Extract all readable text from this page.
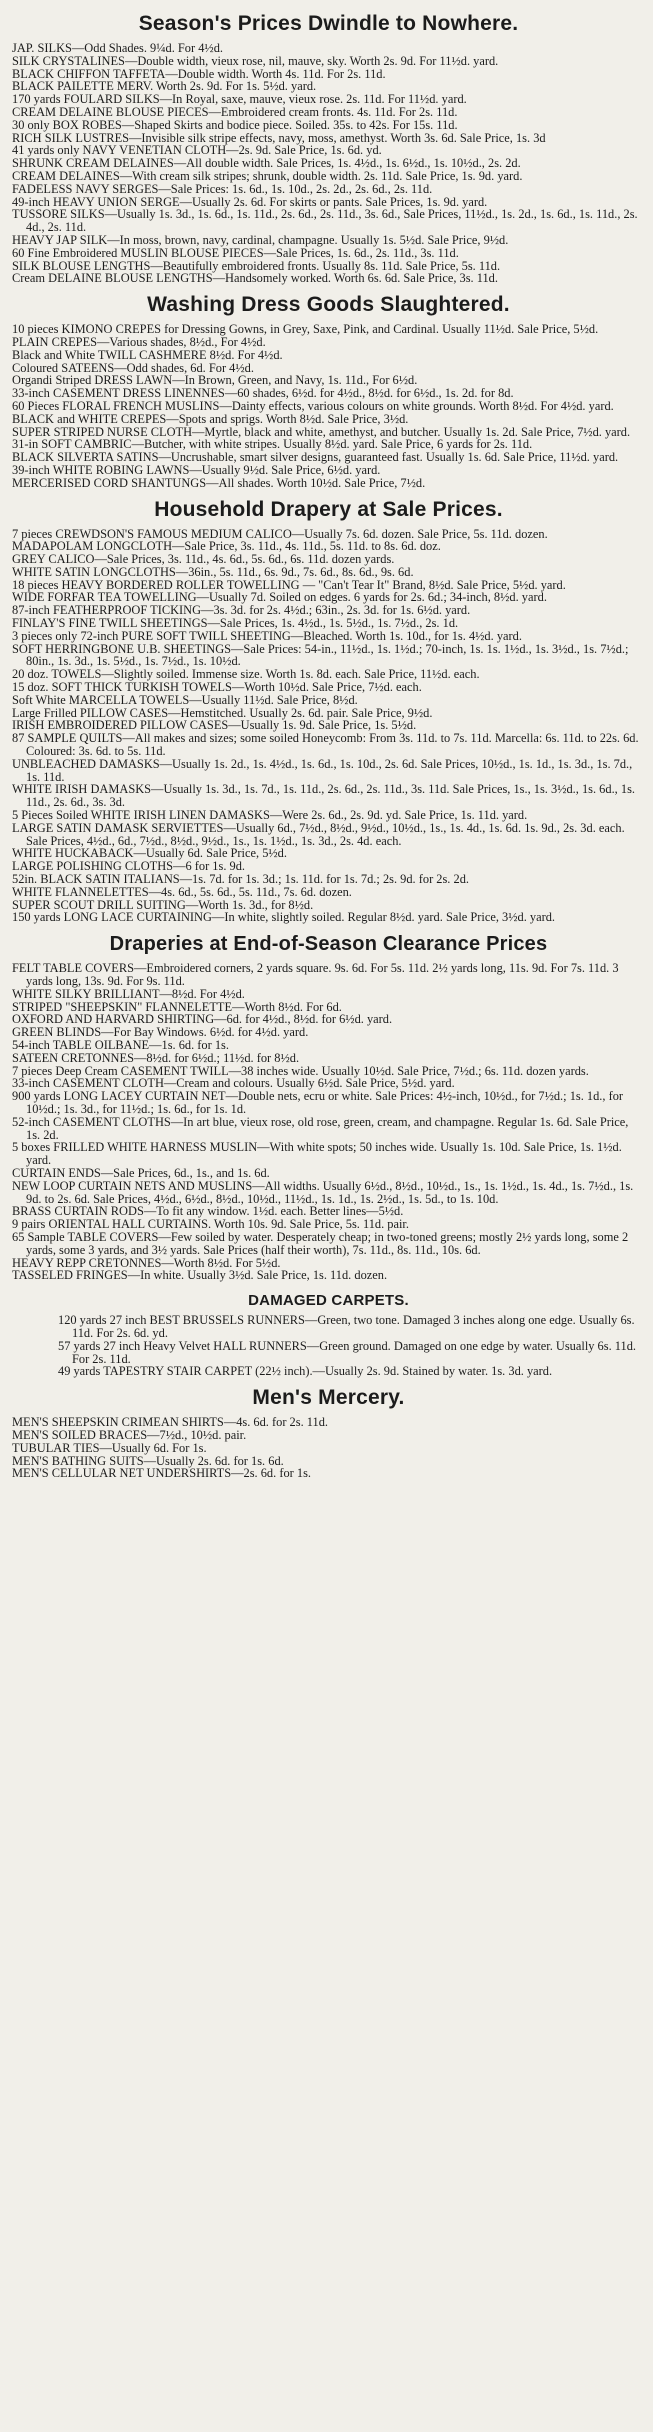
Season's Prices Dwindle to Nowhere.

JAP. SILKS—Odd Shades. 9¼d. For 4½d.

SILK CRYSTALINES—Double width, vieux rose, nil, mauve, sky. Worth 2s. 9d. For 11½d. yard.

BLACK CHIFFON TAFFETA—Double width. Worth 4s. 11d. For 2s. 11d.

BLACK PAILETTE MERV. Worth 2s. 9d. For 1s. 5½d. yard.

170 yards FOULARD SILKS—In Royal, saxe, mauve, vieux rose. 2s. 11d. For 11½d. yard.

CREAM DELAINE BLOUSE PIECES—Embroidered cream fronts. 4s. 11d. For 2s. 11d.

30 only BOX ROBES—Shaped Skirts and bodice piece. Soiled. 35s. to 42s. For 15s. 11d.

RICH SILK LUSTRES—Invisible silk stripe effects, navy, moss, amethyst. Worth 3s. 6d. Sale Price, 1s. 3d

41 yards only NAVY VENETIAN CLOTH—2s. 9d. Sale Price, 1s. 6d. yd.

SHRUNK CREAM DELAINES—All double width. Sale Prices, 1s. 4½d., 1s. 6½d., 1s. 10½d., 2s. 2d.

CREAM DELAINES—With cream silk stripes; shrunk, double width. 2s. 11d. Sale Price, 1s. 9d. yard.

FADELESS NAVY SERGES—Sale Prices: 1s. 6d., 1s. 10d., 2s. 2d., 2s. 6d., 2s. 11d.

49-inch HEAVY UNION SERGE—Usually 2s. 6d. For skirts or pants. Sale Prices, 1s. 9d. yard.

TUSSORE SILKS—Usually 1s. 3d., 1s. 6d., 1s. 11d., 2s. 6d., 2s. 11d., 3s. 6d., Sale Prices, 11½d., 1s. 2d., 1s. 6d., 1s. 11d., 2s. 4d., 2s. 11d.

HEAVY JAP SILK—In moss, brown, navy, cardinal, champagne. Usually 1s. 5½d. Sale Price, 9½d.

60 Fine Embroidered MUSLIN BLOUSE PIECES—Sale Prices, 1s. 6d., 2s. 11d., 3s. 11d.

SILK BLOUSE LENGTHS—Beautifully embroidered fronts. Usually 8s. 11d. Sale Price, 5s. 11d.

Cream DELAINE BLOUSE LENGTHS—Handsomely worked. Worth 6s. 6d. Sale Price, 3s. 11d.

Washing Dress Goods Slaughtered.

10 pieces KIMONO CREPES for Dressing Gowns, in Grey, Saxe, Pink, and Cardinal. Usually 11½d. Sale Price, 5½d.

PLAIN CREPES—Various shades, 8½d., For 4½d.

Black and White TWILL CASHMERE 8½d. For 4½d.

Coloured SATEENS—Odd shades, 6d. For 4½d.

Organdi Striped DRESS LAWN—In Brown, Green, and Navy, 1s. 11d., For 6½d.

33-inch CASEMENT DRESS LINENNES—60 shades, 6½d. for 4½d., 8½d. for 6½d., 1s. 2d. for 8d.

60 Pieces FLORAL FRENCH MUSLINS—Dainty effects, various colours on white grounds. Worth 8½d. For 4½d. yard.

BLACK and WHITE CREPES—Spots and sprigs. Worth 8½d. Sale Price, 3½d.

SUPER STRIPED NURSE CLOTH—Myrtle, black and white, amethyst, and butcher. Usually 1s. 2d. Sale Price, 7½d. yard.

31-in SOFT CAMBRIC—Butcher, with white stripes. Usually 8½d. yard. Sale Price, 6 yards for 2s. 11d.

BLACK SILVERTA SATINS—Uncrushable, smart silver designs, guaranteed fast. Usually 1s. 6d. Sale Price, 11½d. yard.

39-inch WHITE ROBING LAWNS—Usually 9½d. Sale Price, 6½d. yard.

MERCERISED CORD SHANTUNGS—All shades. Worth 10½d. Sale Price, 7½d.

Household Drapery at Sale Prices.

7 pieces CREWDSON'S FAMOUS MEDIUM CALICO—Usually 7s. 6d. dozen. Sale Price, 5s. 11d. dozen.

MADAPOLAM LONGCLOTH—Sale Price, 3s. 11d., 4s. 11d., 5s. 11d. to 8s. 6d. doz.

GREY CALICO—Sale Prices, 3s. 11d., 4s. 6d., 5s. 6d., 6s. 11d. dozen yards.

WHITE SATIN LONGCLOTHS—36in., 5s. 11d., 6s. 9d., 7s. 6d., 8s. 6d., 9s. 6d.

18 pieces HEAVY BORDERED ROLLER TOWELLING — "Can't Tear It" Brand, 8½d. Sale Price, 5½d. yard.

WIDE FORFAR TEA TOWELLING—Usually 7d. Soiled on edges. 6 yards for 2s. 6d.; 34-inch, 8½d. yard.

87-inch FEATHERPROOF TICKING—3s. 3d. for 2s. 4½d.; 63in., 2s. 3d. for 1s. 6½d. yard.

FINLAY'S FINE TWILL SHEETINGS—Sale Prices, 1s. 4½d., 1s. 5½d., 1s. 7½d., 2s. 1d.

3 pieces only 72-inch PURE SOFT TWILL SHEETING—Bleached. Worth 1s. 10d., for 1s. 4½d. yard.

SOFT HERRINGBONE U.B. SHEETINGS—Sale Prices: 54-in., 11½d., 1s. 1½d.; 70-inch, 1s. 1s. 1½d., 1s. 3½d., 1s. 7½d.; 80in., 1s. 3d., 1s. 5½d., 1s. 7½d., 1s. 10½d.

20 doz. TOWELS—Slightly soiled. Immense size. Worth 1s. 8d. each. Sale Price, 11½d. each.

15 doz. SOFT THICK TURKISH TOWELS—Worth 10½d. Sale Price, 7½d. each.

Soft White MARCELLA TOWELS—Usually 11½d. Sale Price, 8½d.

Large Frilled PILLOW CASES—Hemstitched. Usually 2s. 6d. pair. Sale Price, 9½d.

IRISH EMBROIDERED PILLOW CASES—Usually 1s. 9d. Sale Price, 1s. 5½d.

87 SAMPLE QUILTS—All makes and sizes; some soiled Honeycomb: From 3s. 11d. to 7s. 11d. Marcella: 6s. 11d. to 22s. 6d. Coloured: 3s. 6d. to 5s. 11d.

UNBLEACHED DAMASKS—Usually 1s. 2d., 1s. 4½d., 1s. 6d., 1s. 10d., 2s. 6d. Sale Prices, 10½d., 1s. 1d., 1s. 3d., 1s. 7d., 1s. 11d.

WHITE IRISH DAMASKS—Usually 1s. 3d., 1s. 7d., 1s. 11d., 2s. 6d., 2s. 11d., 3s. 11d. Sale Prices, 1s., 1s. 3½d., 1s. 6d., 1s. 11d., 2s. 6d., 3s. 3d.

5 Pieces Soiled WHITE IRISH LINEN DAMASKS—Were 2s. 6d., 2s. 9d. yd. Sale Price, 1s. 11d. yard.

LARGE SATIN DAMASK SERVIETTES—Usually 6d., 7½d., 8½d., 9½d., 10½d., 1s., 1s. 4d., 1s. 6d. 1s. 9d., 2s. 3d. each. Sale Prices, 4½d., 6d., 7½d., 8½d., 9½d., 1s., 1s. 1½d., 1s. 3d., 2s. 4d. each.

WHITE HUCKABACK—Usually 6d. Sale Price, 5½d.

LARGE POLISHING CLOTHS—6 for 1s. 9d.

52in. BLACK SATIN ITALIANS—1s. 7d. for 1s. 3d.; 1s. 11d. for 1s. 7d.; 2s. 9d. for 2s. 2d.

WHITE FLANNELETTES—4s. 6d., 5s. 6d., 5s. 11d., 7s. 6d. dozen.

SUPER SCOUT DRILL SUITING—Worth 1s. 3d., for 8½d.

150 yards LONG LACE CURTAINING—In white, slightly soiled. Regular 8½d. yard. Sale Price, 3½d. yard.

Draperies at End-of-Season Clearance Prices

FELT TABLE COVERS—Embroidered corners, 2 yards square. 9s. 6d. For 5s. 11d. 2½ yards long, 11s. 9d. For 7s. 11d. 3 yards long, 13s. 9d. For 9s. 11d.

WHITE SILKY BRILLIANT—8½d. For 4½d.

STRIPED "SHEEPSKIN" FLANNELETTE—Worth 8½d. For 6d.

OXFORD AND HARVARD SHIRTING—6d. for 4½d., 8½d. for 6½d. yard.

GREEN BLINDS—For Bay Windows. 6½d. for 4½d. yard.

54-inch TABLE OILBANE—1s. 6d. for 1s.

SATEEN CRETONNES—8½d. for 6½d.; 11½d. for 8½d.

7 pieces Deep Cream CASEMENT TWILL—38 inches wide. Usually 10½d. Sale Price, 7½d.; 6s. 11d. dozen yards.

33-inch CASEMENT CLOTH—Cream and colours. Usually 6½d. Sale Price, 5½d. yard.

900 yards LONG LACEY CURTAIN NET—Double nets, ecru or white. Sale Prices: 4½-inch, 10½d., for 7½d.; 1s. 1d., for 10½d.; 1s. 3d., for 11½d.; 1s. 6d., for 1s. 1d.

52-inch CASEMENT CLOTHS—In art blue, vieux rose, old rose, green, cream, and champagne. Regular 1s. 6d. Sale Price, 1s. 2d.

5 boxes FRILLED WHITE HARNESS MUSLIN—With white spots; 50 inches wide. Usually 1s. 10d. Sale Price, 1s. 1½d. yard.

CURTAIN ENDS—Sale Prices, 6d., 1s., and 1s. 6d.

NEW LOOP CURTAIN NETS AND MUSLINS—All widths. Usually 6½d., 8½d., 10½d., 1s., 1s. 1½d., 1s. 4d., 1s. 7½d., 1s. 9d. to 2s. 6d. Sale Prices, 4½d., 6½d., 8½d., 10½d., 11½d., 1s. 1d., 1s. 2½d., 1s. 5d., to 1s. 10d.

BRASS CURTAIN RODS—To fit any window. 1½d. each. Better lines—5½d.

9 pairs ORIENTAL HALL CURTAINS. Worth 10s. 9d. Sale Price, 5s. 11d. pair.

65 Sample TABLE COVERS—Few soiled by water. Desperately cheap; in two-toned greens; mostly 2½ yards long, some 2 yards, some 3 yards, and 3½ yards. Sale Prices (half their worth), 7s. 11d., 8s. 11d., 10s. 6d.

HEAVY REPP CRETONNES—Worth 8½d. For 5½d.

TASSELED FRINGES—In white. Usually 3½d. Sale Price, 1s. 11d. dozen.

DAMAGED CARPETS.

120 yards 27 inch BEST BRUSSELS RUNNERS—Green, two tone. Damaged 3 inches along one edge. Usually 6s. 11d. For 2s. 6d. yd.

57 yards 27 inch Heavy Velvet HALL RUNNERS—Green ground. Damaged on one edge by water. Usually 6s. 11d. For 2s. 11d.

49 yards TAPESTRY STAIR CARPET (22½ inch).—Usually 2s. 9d. Stained by water. 1s. 3d. yard.

Men's Mercery.

MEN'S SHEEPSKIN CRIMEAN SHIRTS—4s. 6d. for 2s. 11d.

MEN'S SOILED BRACES—7½d., 10½d. pair.

TUBULAR TIES—Usually 6d. For 1s.

MEN'S BATHING SUITS—Usually 2s. 6d. for 1s. 6d.

MEN'S CELLULAR NET UNDERSHIRTS—2s. 6d. for 1s.
